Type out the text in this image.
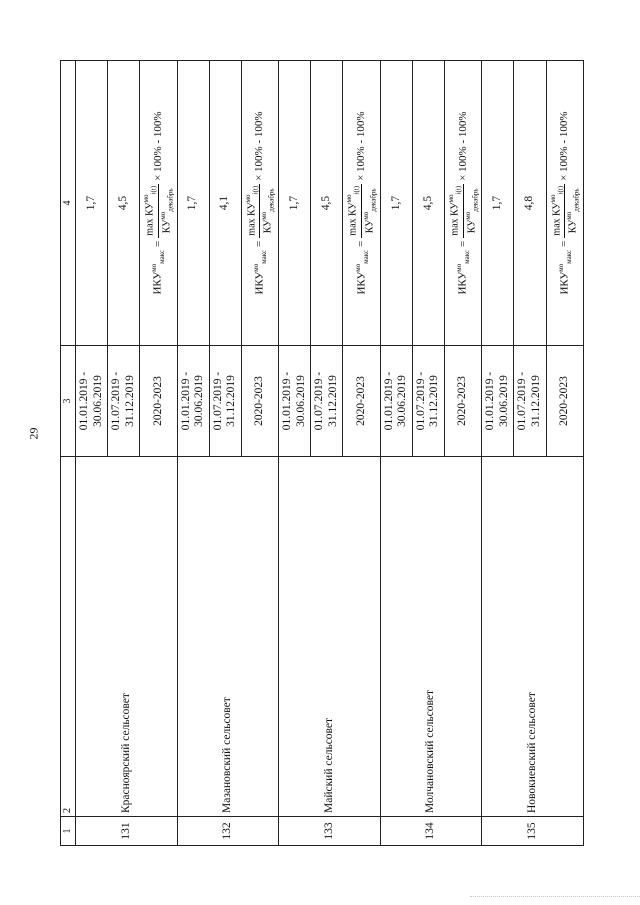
29
1	2	3	4
131	Красноярский сельсовет	01.01.2019 - 30.06.2019	1,7
		01.07.2019 - 31.12.2019	4,5
		2020-2023	$ИКУ^{мо}_{макс}$
=
$\max КУ^{мо}_{i(t)}$
$КУ^{мо}_{декабрь}$
× 100% - 100%

132	Мазановский сельсовет	01.01.2019 - 30.06.2019	1,7
		01.07.2019 - 31.12.2019	4,1
		2020-2023	$ИКУ^{мо}_{макс}$
=
$\max КУ^{мо}_{i(t)}$
$КУ^{мо}_{декабрь}$
× 100% - 100%

133	Майский сельсовет	01.01.2019 - 30.06.2019	1,7
		01.07.2019 - 31.12.2019	4,5
		2020-2023	$ИКУ^{мо}_{макс}$
=
$\max КУ^{мо}_{i(t)}$
$КУ^{мо}_{декабрь}$
× 100% - 100%

134	Молчановский сельсовет	01.01.2019 - 30.06.2019	1,7
		01.07.2019 - 31.12.2019	4,5
		2020-2023	$ИКУ^{мо}_{макс}$
=
$\max КУ^{мо}_{i(t)}$
$КУ^{мо}_{декабрь}$
× 100% - 100%

135	Новокиевский сельсовет	01.01.2019 - 30.06.2019	1,7
		01.07.2019 - 31.12.2019	4,8
		2020-2023	$ИКУ^{мо}_{макс}$
=
$\max КУ^{мо}_{i(t)}$
$КУ^{мо}_{декабрь}$
× 100% - 100%
